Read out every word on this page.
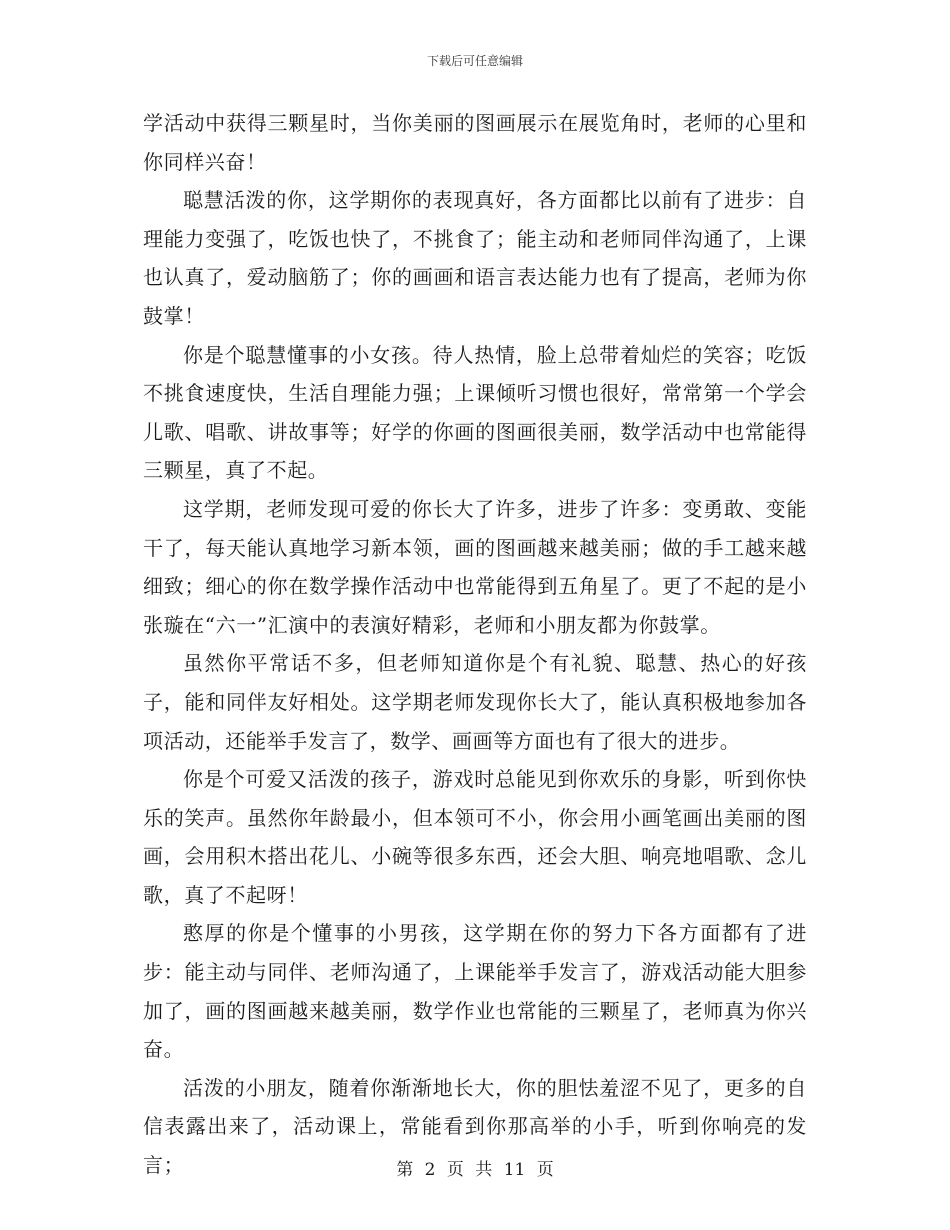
下载后可任意编辑

学活动中获得三颗星时，当你美丽的图画展示在展览角时，老师的心里和你同样兴奋！

聪慧活泼的你，这学期你的表现真好，各方面都比以前有了进步：自理能力变强了，吃饭也快了，不挑食了；能主动和老师同伴沟通了，上课也认真了，爱动脑筋了；你的画画和语言表达能力也有了提高，老师为你鼓掌！

你是个聪慧懂事的小女孩。待人热情，脸上总带着灿烂的笑容；吃饭不挑食速度快，生活自理能力强；上课倾听习惯也很好，常常第一个学会儿歌、唱歌、讲故事等；好学的你画的图画很美丽，数学活动中也常能得三颗星，真了不起。

这学期，老师发现可爱的你长大了许多，进步了许多：变勇敢、变能干了，每天能认真地学习新本领，画的图画越来越美丽；做的手工越来越细致；细心的你在数学操作活动中也常能得到五角星了。更了不起的是小张璇在“六一”汇演中的表演好精彩，老师和小朋友都为你鼓掌。

虽然你平常话不多，但老师知道你是个有礼貌、聪慧、热心的好孩子，能和同伴友好相处。这学期老师发现你长大了，能认真积极地参加各项活动，还能举手发言了，数学、画画等方面也有了很大的进步。

你是个可爱又活泼的孩子，游戏时总能见到你欢乐的身影，听到你快乐的笑声。虽然你年龄最小，但本领可不小，你会用小画笔画出美丽的图画，会用积木搭出花儿、小碗等很多东西，还会大胆、响亮地唱歌、念儿歌，真了不起呀！

憨厚的你是个懂事的小男孩，这学期在你的努力下各方面都有了进步：能主动与同伴、老师沟通了，上课能举手发言了，游戏活动能大胆参加了，画的图画越来越美丽，数学作业也常能的三颗星了，老师真为你兴奋。

活泼的小朋友，随着你渐渐地长大，你的胆怯羞涩不见了，更多的自信表露出来了，活动课上，常能看到你那高举的小手，听到你响亮的发言；	第 2 页 共 11 页
